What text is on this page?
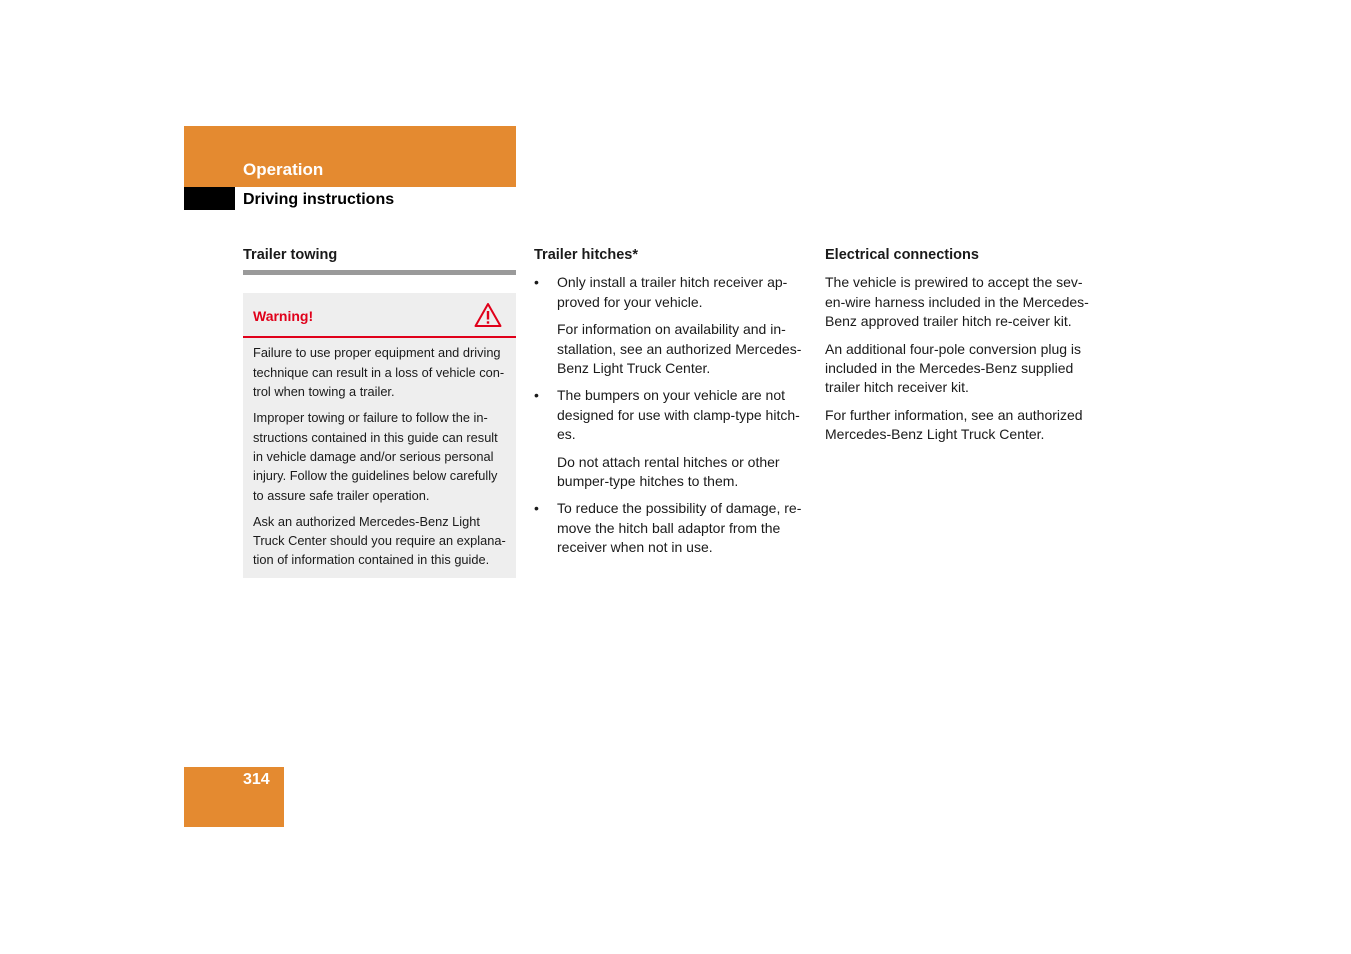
Operation
Driving instructions
Trailer towing
Warning!

Failure to use proper equipment and driving technique can result in a loss of vehicle con-trol when towing a trailer.

Improper towing or failure to follow the in-structions contained in this guide can result in vehicle damage and/or serious personal injury. Follow the guidelines below carefully to assure safe trailer operation.

Ask an authorized Mercedes-Benz Light Truck Center should you require an explana-tion of information contained in this guide.

Trailer hitches*
• Only install a trailer hitch receiver ap-proved for your vehicle.
For information on availability and in-stallation, see an authorized Mercedes-Benz Light Truck Center.
• The bumpers on your vehicle are not designed for use with clamp-type hitch-es.
Do not attach rental hitches or other bumper-type hitches to them.
• To reduce the possibility of damage, re-move the hitch ball adaptor from the receiver when not in use.
Electrical connections

The vehicle is prewired to accept the sev-en-wire harness included in the Mercedes-Benz approved trailer hitch re-ceiver kit.

An additional four-pole conversion plug is included in the Mercedes-Benz supplied trailer hitch receiver kit.

For further information, see an authorized Mercedes-Benz Light Truck Center.

314
